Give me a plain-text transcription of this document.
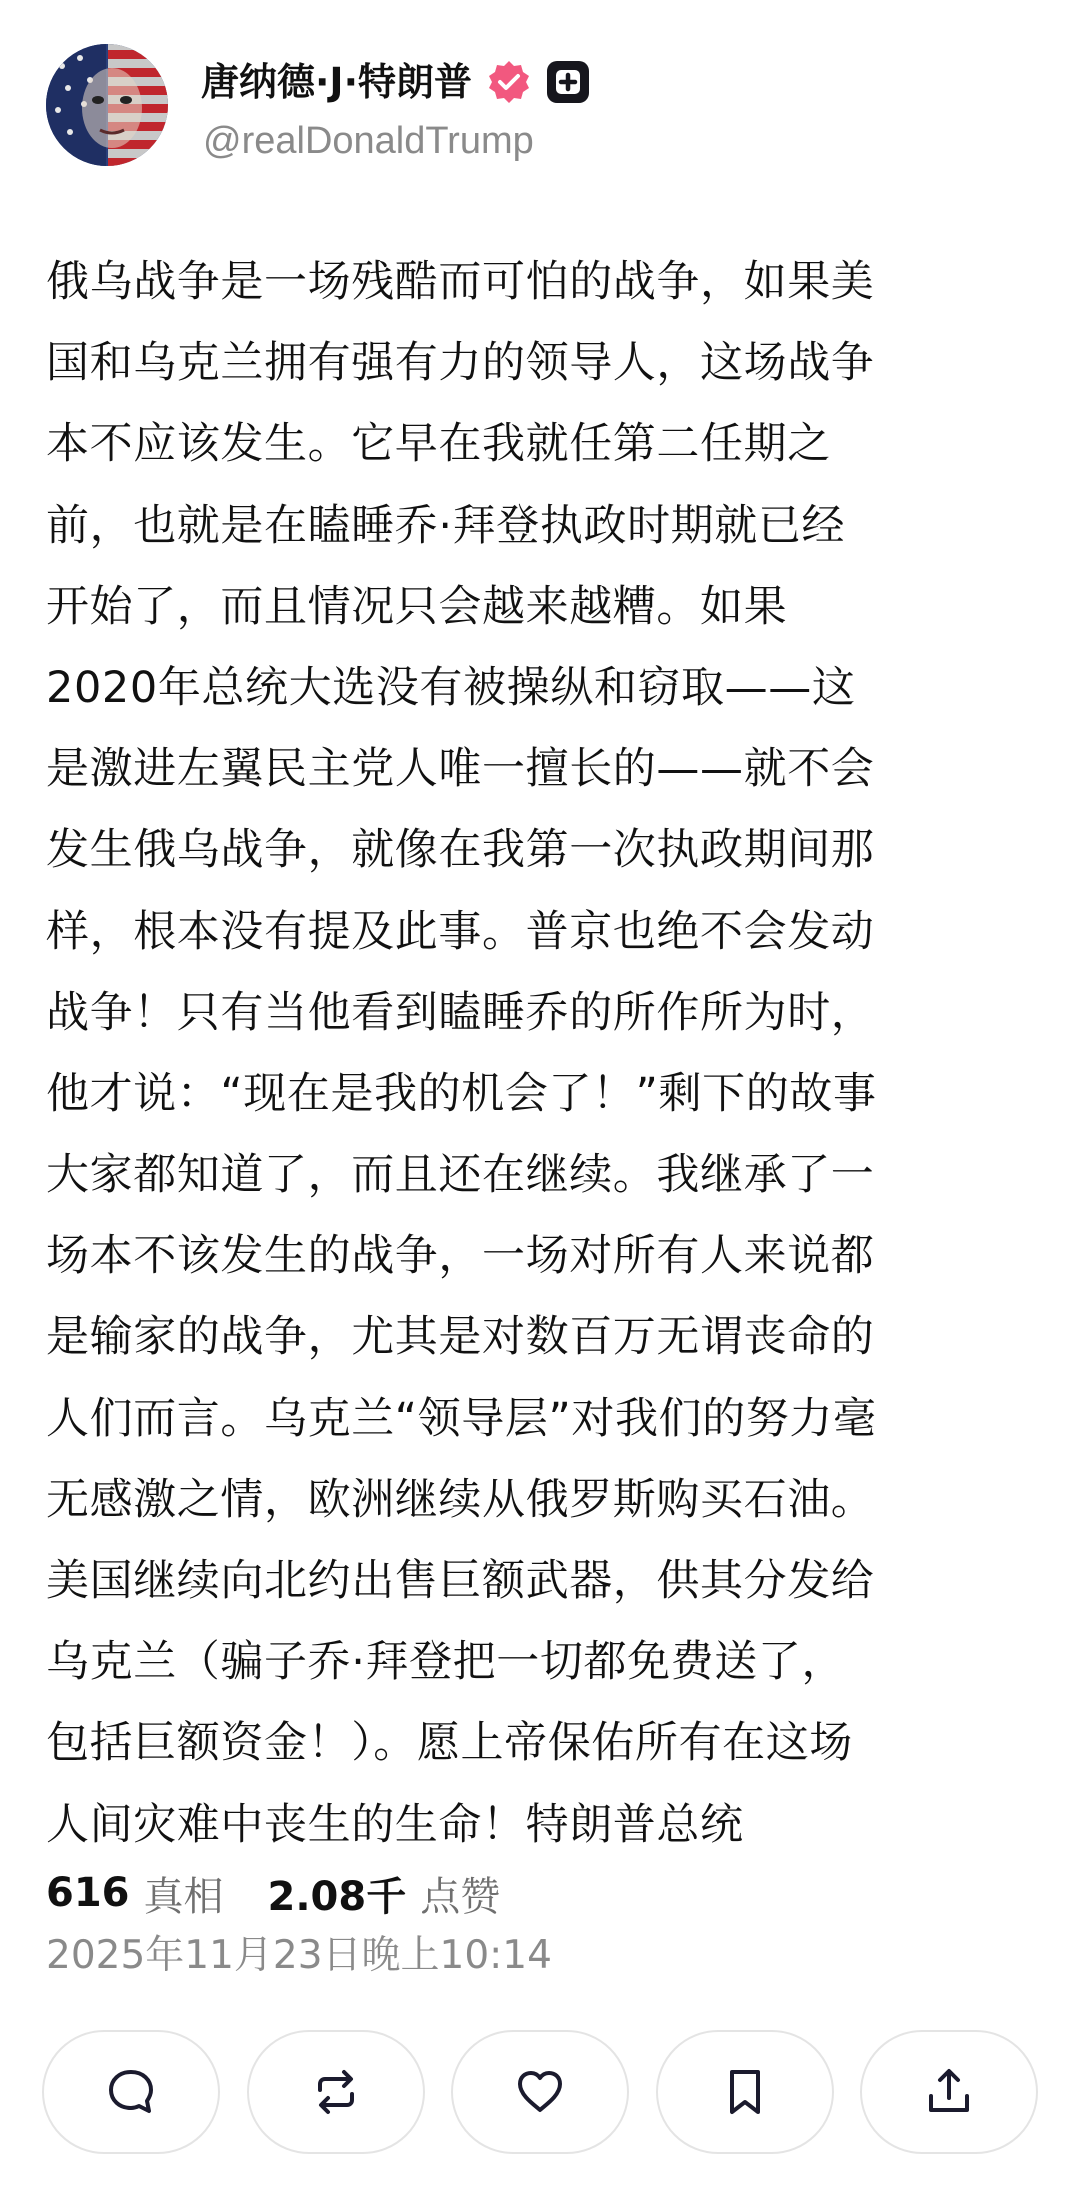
唐纳德·J·特朗普
@realDonaldTrump
俄乌战争是一场残酷而可怕的战争，如果美
国和乌克兰拥有强有力的领导人，这场战争
本不应该发生。它早在我就任第二任期之
前，也就是在瞌睡乔·拜登执政时期就已经
开始了，而且情况只会越来越糟。如果
2020年总统大选没有被操纵和窃取——这
是激进左翼民主党人唯一擅长的——就不会
发生俄乌战争，就像在我第一次执政期间那
样，根本没有提及此事。普京也绝不会发动
战争！只有当他看到瞌睡乔的所作所为时，
他才说：“现在是我的机会了！”剩下的故事
大家都知道了，而且还在继续。我继承了一
场本不该发生的战争，一场对所有人来说都
是输家的战争，尤其是对数百万无谓丧命的
人们而言。乌克兰“领导层”对我们的努力毫
无感激之情，欧洲继续从俄罗斯购买石油。
美国继续向北约出售巨额武器，供其分发给
乌克兰（骗子乔·拜登把一切都免费送了，
包括巨额资金！）。愿上帝保佑所有在这场
人间灾难中丧生的生命！特朗普总统
616 真相 2.08千 点赞
2025年11月23日晚上10:14
